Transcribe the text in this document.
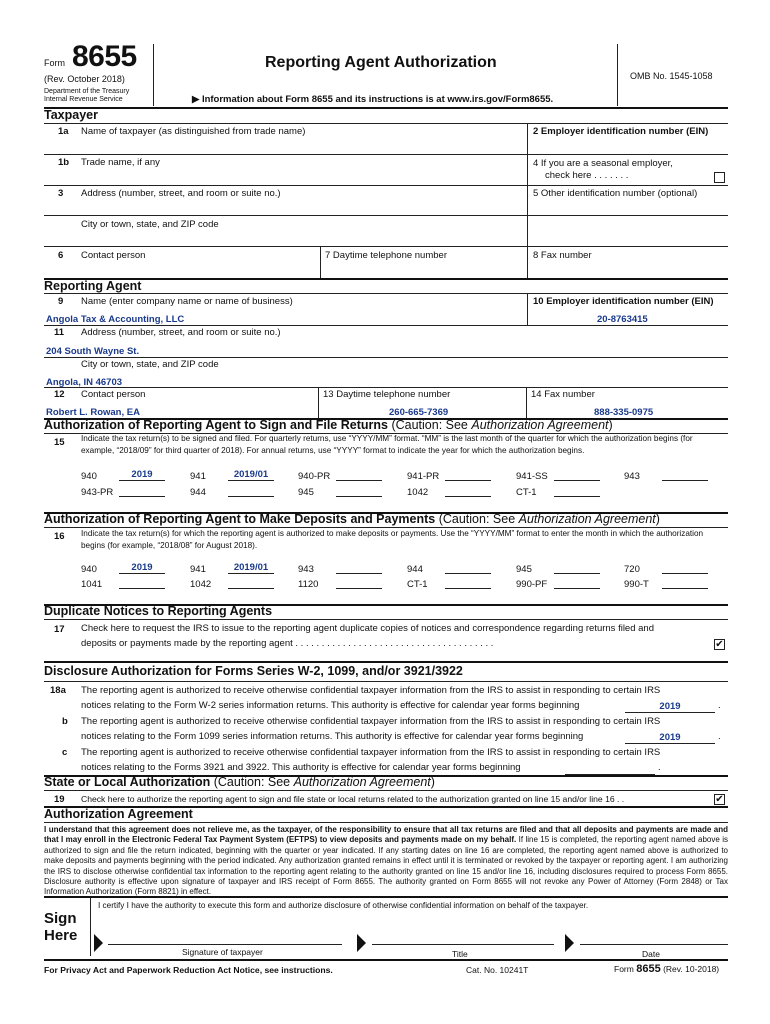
Form 8655
(Rev. October 2018)
Department of the Treasury
Internal Revenue Service
Reporting Agent Authorization
▶ Information about Form 8655 and its instructions is at www.irs.gov/Form8655.
OMB No. 1545-1058
Taxpayer
1a Name of taxpayer (as distinguished from trade name)	2 Employer identification number (EIN)
1b Trade name, if any	4 If you are a seasonal employer,
check here . . . . . . .
3 Address (number, street, and room or suite no.)	5 Other identification number (optional)
City or town, state, and ZIP code
6 Contact person	7 Daytime telephone number	8 Fax number
Reporting Agent
9 Name (enter company name or name of business)	10 Employer identification number (EIN)
Angola Tax & Accounting, LLC	20-8763415
11 Address (number, street, and room or suite no.)
204 South Wayne St.
City or town, state, and ZIP code
Angola, IN 46703
12 Contact person	13 Daytime telephone number	14 Fax number
Robert L. Rowan, EA	260-665-7369	888-335-0975
Authorization of Reporting Agent to Sign and File Returns (Caution: See Authorization Agreement)
15 Indicate the tax return(s) to be signed and filed. For quarterly returns, use “YYYY/MM” format. “MM” is the last month of the quarter for which the authorization begins (for example, “2018/09” for third quarter of 2018). For annual returns, use “YYYY” format to indicate the year for which the authorization begins.
940	2019	941	2019/01	940-PR	941-PR	941-SS	943
943-PR	944	945	1042	CT-1
Authorization of Reporting Agent to Make Deposits and Payments (Caution: See Authorization Agreement)
16 Indicate the tax return(s) for which the reporting agent is authorized to make deposits or payments. Use the “YYYY/MM” format to enter the month in which the authorization begins (for example, “2018/08” for August 2018).
940	2019	941	2019/01	943	944	945	720
1041	1042	1120	CT-1	990-PF	990-T
Duplicate Notices to Reporting Agents
17 Check here to request the IRS to issue to the reporting agent duplicate copies of notices and correspondence regarding returns filed and
deposits or payments made by the reporting agent . . . . . . . . . . . . . . . . . . . . . . . . . . . . . . . . . . . . . .	✔
Disclosure Authorization for Forms Series W-2, 1099, and/or 3921/3922
18a The reporting agent is authorized to receive otherwise confidential taxpayer information from the IRS to assist in responding to certain IRS
notices relating to the Form W-2 series information returns. This authority is effective for calendar year forms beginning	2019	.
b The reporting agent is authorized to receive otherwise confidential taxpayer information from the IRS to assist in responding to certain IRS
notices relating to the Form 1099 series information returns. This authority is effective for calendar year forms beginning	2019	.
c The reporting agent is authorized to receive otherwise confidential taxpayer information from the IRS to assist in responding to certain IRS
notices relating to the Forms 3921 and 3922. This authority is effective for calendar year forms beginning	.
State or Local Authorization (Caution: See Authorization Agreement)
19 Check here to authorize the reporting agent to sign and file state or local returns related to the authorization granted on line 15 and/or line 16 . .	✔
Authorization Agreement
I understand that this agreement does not relieve me, as the taxpayer, of the responsibility to ensure that all tax returns are filed and that all deposits and payments are made and that I may enroll in the Electronic Federal Tax Payment System (EFTPS) to view deposits and payments made on my behalf. If line 15 is completed, the reporting agent named above is authorized to sign and file the return indicated, beginning with the quarter or year indicated. If any starting dates on line 16 are completed, the reporting agent named above is authorized to make deposits and payments beginning with the period indicated. Any authorization granted remains in effect until it is terminated or revoked by the taxpayer or reporting agent. I am authorizing the IRS to disclose otherwise confidential tax information to the reporting agent relating to the authority granted on line 15 and/or line 16, including disclosures required to process Form 8655. Disclosure authority is effective upon signature of taxpayer and IRS receipt of Form 8655. The authority granted on Form 8655 will not revoke any Power of Attorney (Form 2848) or Tax Information Authorization (Form 8821) in effect.
Sign
Here
I certify I have the authority to execute this form and authorize disclosure of otherwise confidential information on behalf of the taxpayer.
Signature of taxpayer	Title	Date
For Privacy Act and Paperwork Reduction Act Notice, see instructions.	Cat. No. 10241T	Form 8655 (Rev. 10-2018)
